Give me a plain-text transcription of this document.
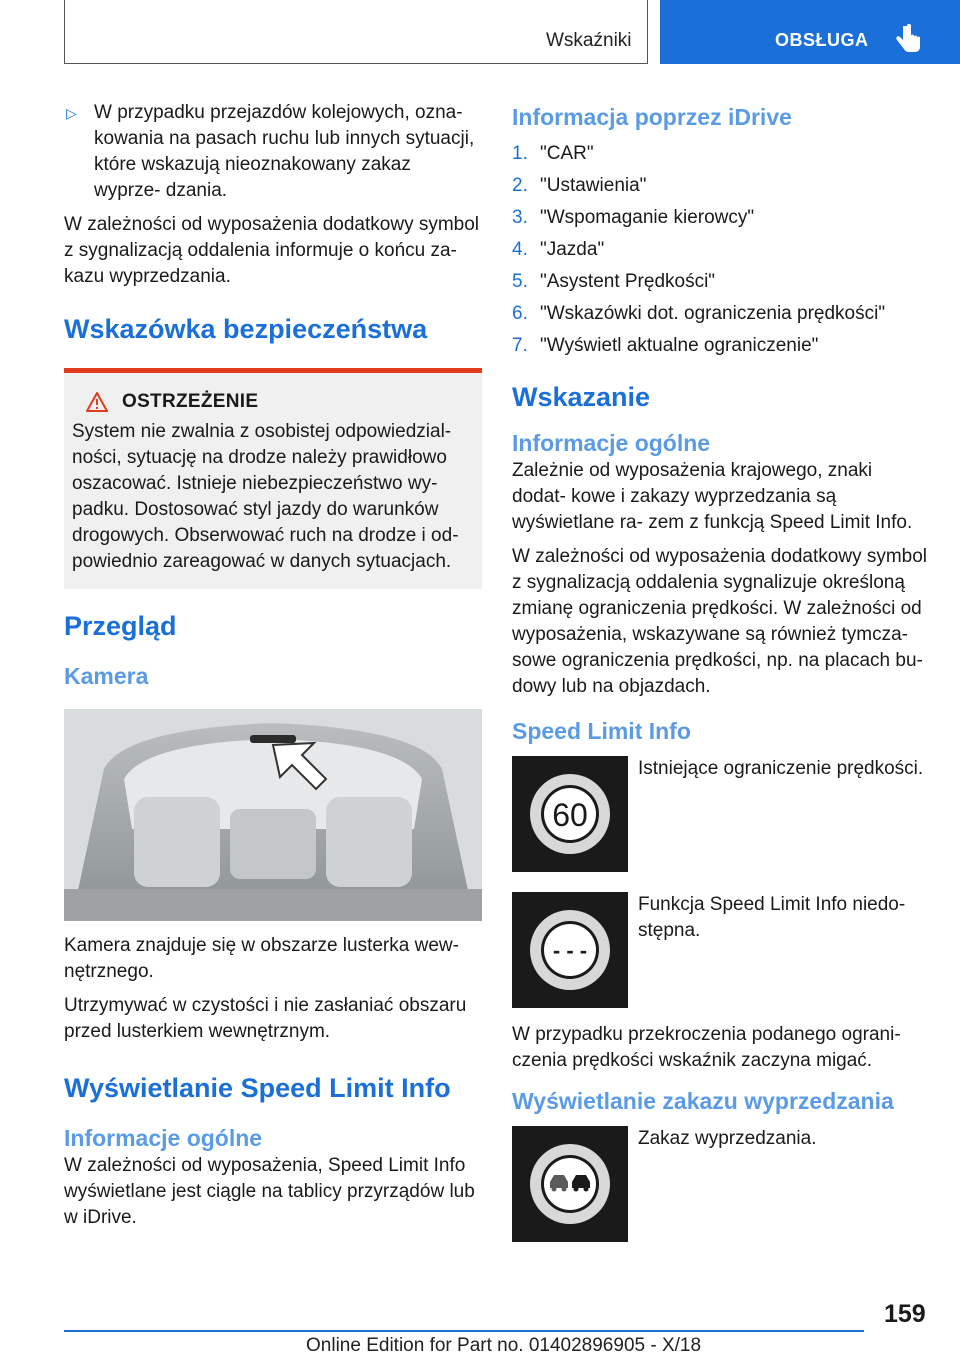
Wskaźniki	OBSŁUGA

▷ W przypadku przejazdów kolejowych, ozna- kowania na pasach ruchu lub innych sytuacji, które wskazują nieoznakowany zakaz wyprze- dzania.

W zależności od wyposażenia dodatkowy symbol z sygnalizacją oddalenia informuje o końcu za- kazu wyprzedzania.

Wskazówka bezpieczeństwa
OSTRZEŻENIE

System nie zwalnia z osobistej odpowiedzial- ności, sytuację na drodze należy prawidłowo oszacować. Istnieje niebezpieczeństwo wy- padku. Dostosować styl jazdy do warunków drogowych. Obserwować ruch na drodze i od- powiednio zareagować w danych sytuacjach.

Przegląd
Kamera

Kamera znajduje się w obszarze lusterka wew- nętrznego.

Utrzymywać w czystości i nie zasłaniać obszaru przed lusterkiem wewnętrznym.

Wyświetlanie Speed Limit Info
Informacje ogólne

W zależności od wyposażenia, Speed Limit Info wyświetlane jest ciągle na tablicy przyrządów lub w iDrive.

Informacja poprzez iDrive
1. "CAR"
2. "Ustawienia"
3. "Wspomaganie kierowcy"
4. "Jazda"
5. "Asystent Prędkości"
6. "Wskazówki dot. ograniczenia prędkości"
7. "Wyświetl aktualne ograniczenie"
Wskazanie
Informacje ogólne

Zależnie od wyposażenia krajowego, znaki dodat- kowe i zakazy wyprzedzania są wyświetlane ra- zem z funkcją Speed Limit Info.

W zależności od wyposażenia dodatkowy symbol z sygnalizacją oddalenia sygnalizuje określoną zmianę ograniczenia prędkości. W zależności od wyposażenia, wskazywane są również tymcza- sowe ograniczenia prędkości, np. na placach bu- dowy lub na objazdach.

Speed Limit Info
60
Istniejące ograniczenie prędkości.
- - -
Funkcja Speed Limit Info niedo- stępna.

W przypadku przekroczenia podanego ograni- czenia prędkości wskaźnik zaczyna migać.

Wyświetlanie zakazu wyprzedzania
Zakaz wyprzedzania.
159
Online Edition for Part no. 01402896905 - X/18
